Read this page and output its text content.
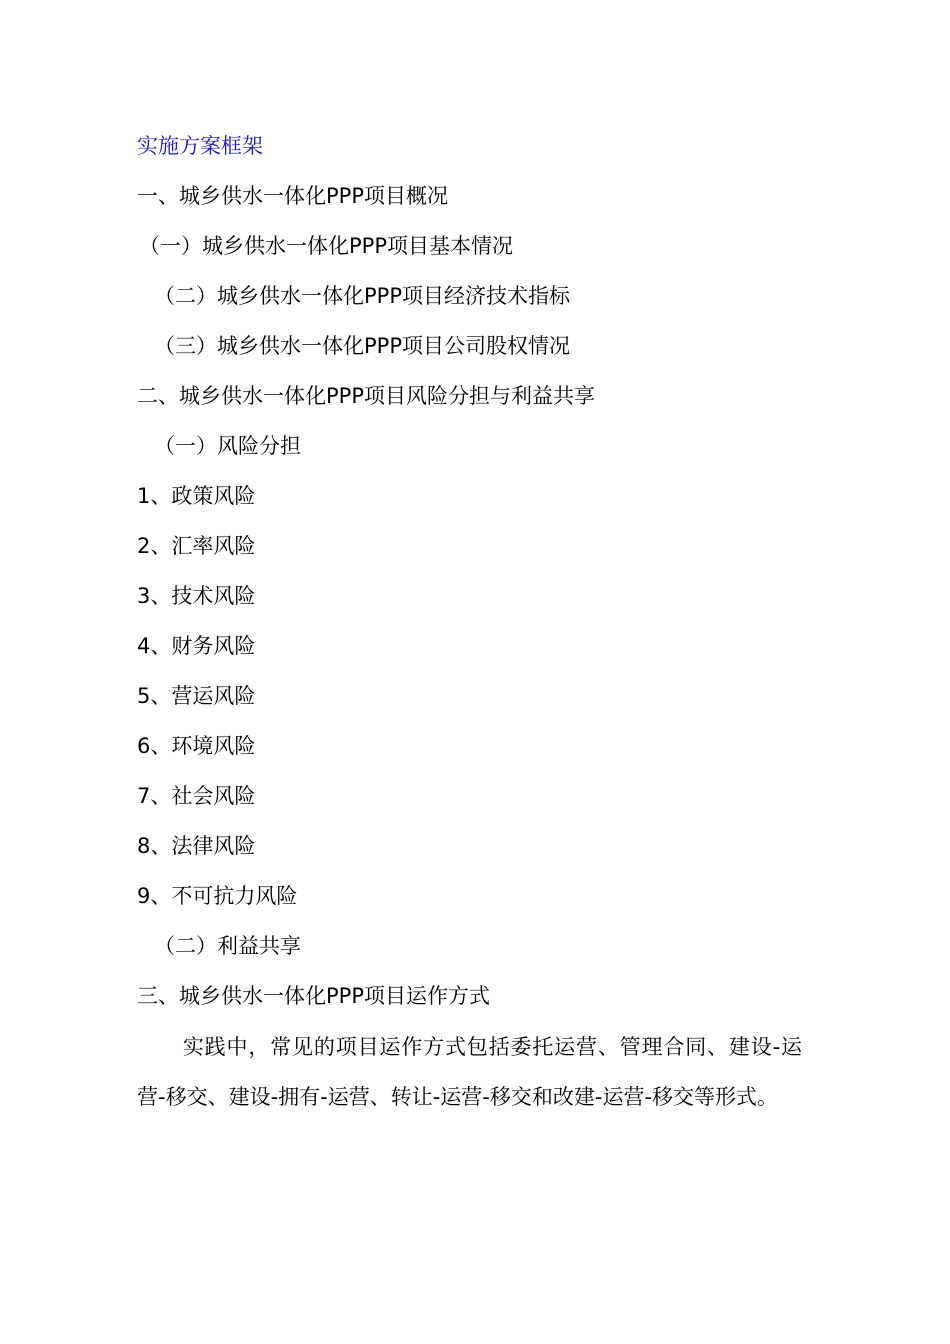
实施方案框架
一、城乡供水一体化PPP项目概况
（一）城乡供水一体化PPP项目基本情况
（二）城乡供水一体化PPP项目经济技术指标
（三）城乡供水一体化PPP项目公司股权情况
二、城乡供水一体化PPP项目风险分担与利益共享
（一）风险分担
1、政策风险
2、汇率风险
3、技术风险
4、财务风险
5、营运风险
6、环境风险
7、社会风险
8、法律风险
9、不可抗力风险
（二）利益共享
三、城乡供水一体化PPP项目运作方式
实践中，常见的项目运作方式包括委托运营、管理合同、建设-运营-移交、建设-拥有-运营、转让-运营-移交和改建-运营-移交等形式。
